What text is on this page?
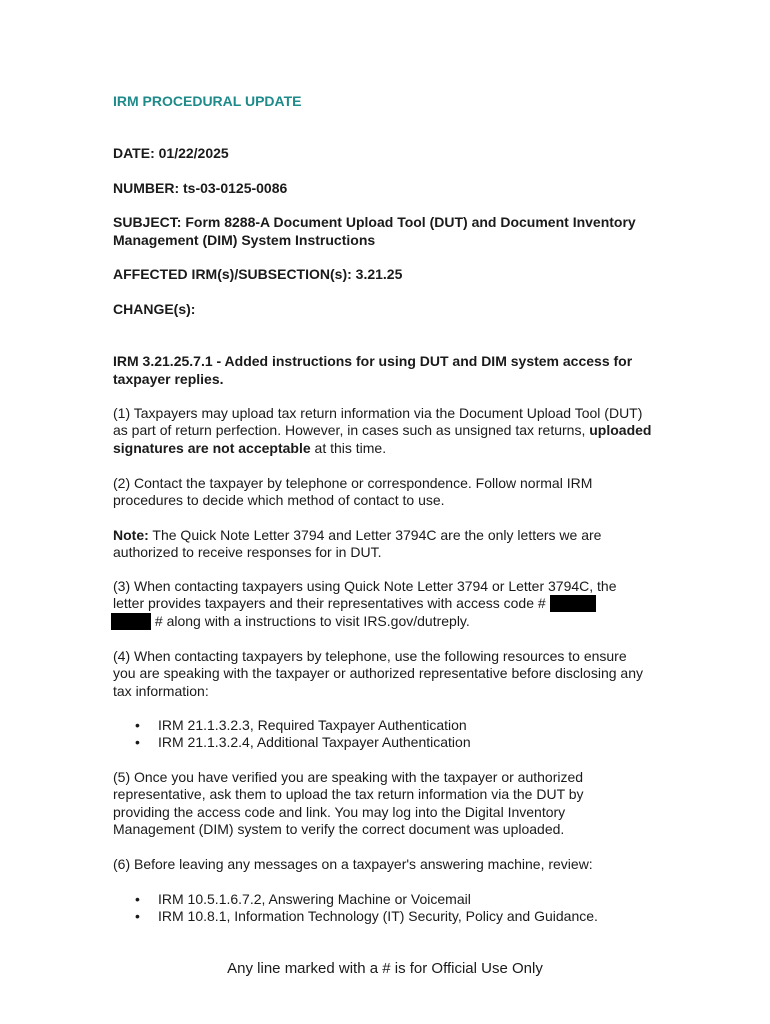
IRM PROCEDURAL UPDATE
DATE: 01/22/2025
NUMBER: ts-03-0125-0086
SUBJECT: Form 8288-A Document Upload Tool (DUT) and Document Inventory Management (DIM) System Instructions
AFFECTED IRM(s)/SUBSECTION(s): 3.21.25
CHANGE(s):
IRM 3.21.25.7.1 - Added instructions for using DUT and DIM system access for taxpayer replies.
(1) Taxpayers may upload tax return information via the Document Upload Tool (DUT) as part of return perfection. However, in cases such as unsigned tax returns, uploaded signatures are not acceptable at this time.
(2) Contact the taxpayer by telephone or correspondence. Follow normal IRM procedures to decide which method of contact to use.
Note: The Quick Note Letter 3794 and Letter 3794C are the only letters we are authorized to receive responses for in DUT.
(3) When contacting taxpayers using Quick Note Letter 3794 or Letter 3794C, the
letter provides taxpayers and their representatives with access code #
# along with a instructions to visit IRS.gov/dutreply.
(4) When contacting taxpayers by telephone, use the following resources to ensure you are speaking with the taxpayer or authorized representative before disclosing any tax information:
• IRM 21.1.3.2.3, Required Taxpayer Authentication
• IRM 21.1.3.2.4, Additional Taxpayer Authentication
(5) Once you have verified you are speaking with the taxpayer or authorized representative, ask them to upload the tax return information via the DUT by providing the access code and link. You may log into the Digital Inventory Management (DIM) system to verify the correct document was uploaded.
(6) Before leaving any messages on a taxpayer's answering machine, review:
• IRM 10.5.1.6.7.2, Answering Machine or Voicemail
• IRM 10.8.1, Information Technology (IT) Security, Policy and Guidance.
Any line marked with a # is for Official Use Only
